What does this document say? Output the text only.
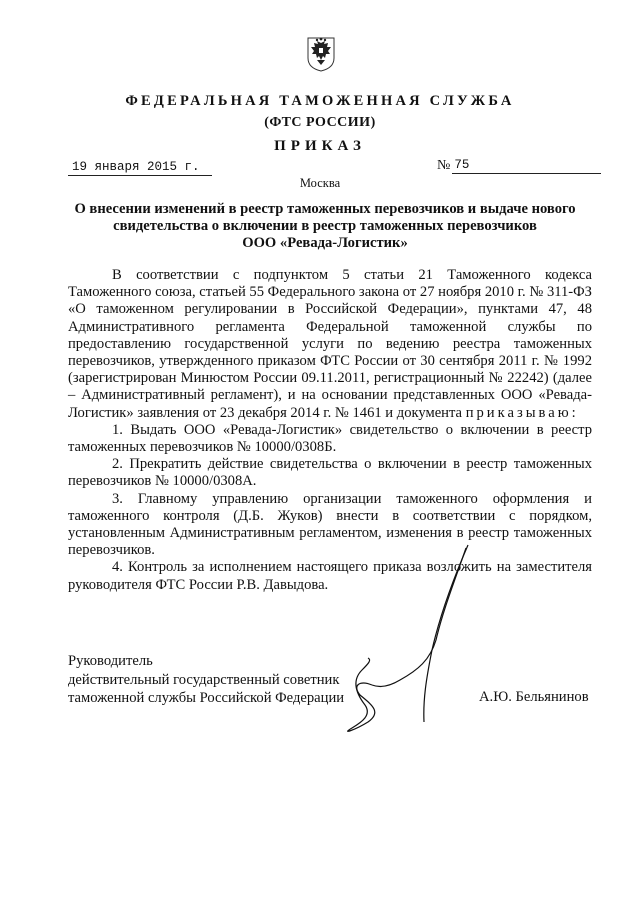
ФЕДЕРАЛЬНАЯ ТАМОЖЕННАЯ СЛУЖБА
(ФТС РОССИИ)
ПРИКАЗ
19 января 2015 г.	№ 75
Москва
О внесении изменений в реестр таможенных перевозчиков и выдаче нового
свидетельства о включении в реестр таможенных перевозчиков
ООО «Ревада-Логистик»

В соответствии с подпунктом 5 статьи 21 Таможенного кодекса Таможенного союза, статьей 55 Федерального закона от 27 ноября 2010 г. № 311-ФЗ «О таможенном регулировании в Российской Федерации», пунктами 47, 48 Административного регламента Федеральной таможенной службы по предоставлению государственной услуги по ведению реестра таможенных перевозчиков, утвержденного приказом ФТС России от 30 сентября 2011 г. № 1992 (зарегистрирован Минюстом России 09.11.2011, регистрационный № 22242) (далее – Административный регламент), и на основании представленных ООО «Ревада-Логистик» заявления от 23 декабря 2014 г. № 1461 и документа приказываю:

1. Выдать ООО «Ревада-Логистик» свидетельство о включении в реестр таможенных перевозчиков № 10000/0308Б.

2. Прекратить действие свидетельства о включении в реестр таможенных перевозчиков № 10000/0308А.

3. Главному управлению организации таможенного оформления и таможенного контроля (Д.Б. Жуков) внести в соответствии с порядком, установленным Административным регламентом, изменения в реестр таможенных перевозчиков.

4. Контроль за исполнением настоящего приказа возложить на заместителя руководителя ФТС России Р.В. Давыдова.

Руководитель
действительный государственный советник
таможенной службы Российской Федерации	А.Ю. Бельянинов
